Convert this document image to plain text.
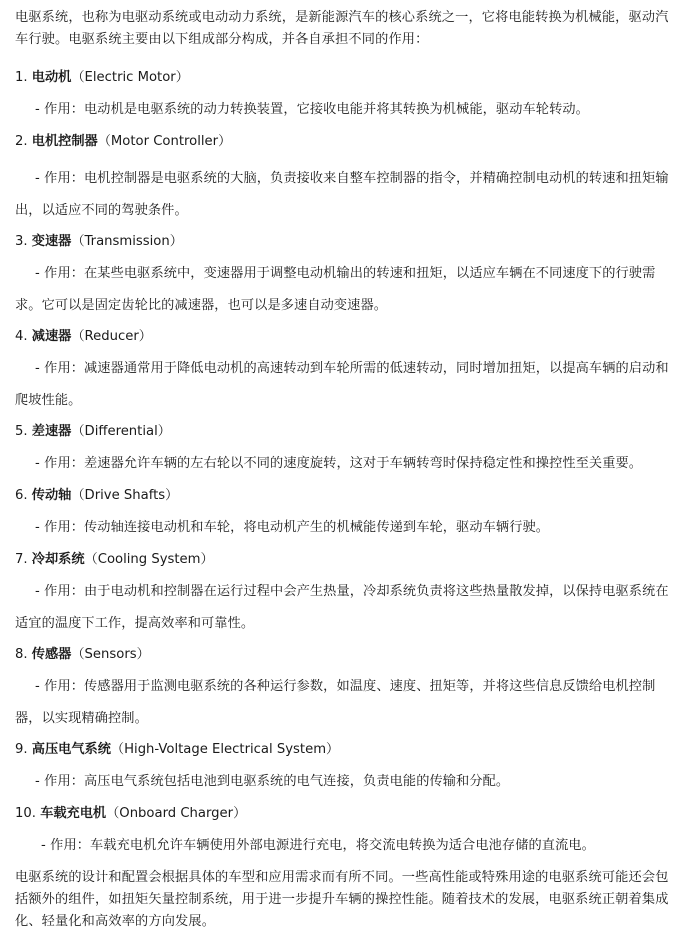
电驱系统，也称为电驱动系统或电动动力系统，是新能源汽车的核心系统之一，它将电能转换为机械能，驱动汽车行驶。电驱系统主要由以下组成部分构成，并各自承担不同的作用：

1. 电动机（Electric Motor）

- 作用：电动机是电驱系统的动力转换装置，它接收电能并将其转换为机械能，驱动车轮转动。

2. 电机控制器（Motor Controller）

- 作用：电机控制器是电驱系统的大脑，负责接收来自整车控制器的指令，并精确控制电动机的转速和扭矩输出，以适应不同的驾驶条件。

3. 变速器（Transmission）

- 作用：在某些电驱系统中，变速器用于调整电动机输出的转速和扭矩，以适应车辆在不同速度下的行驶需求。它可以是固定齿轮比的减速器，也可以是多速自动变速器。

4. 减速器（Reducer）

- 作用：减速器通常用于降低电动机的高速转动到车轮所需的低速转动，同时增加扭矩，以提高车辆的启动和爬坡性能。

5. 差速器（Differential）

- 作用：差速器允许车辆的左右轮以不同的速度旋转，这对于车辆转弯时保持稳定性和操控性至关重要。

6. 传动轴（Drive Shafts）

- 作用：传动轴连接电动机和车轮，将电动机产生的机械能传递到车轮，驱动车辆行驶。

7. 冷却系统（Cooling System）

- 作用：由于电动机和控制器在运行过程中会产生热量，冷却系统负责将这些热量散发掉，以保持电驱系统在适宜的温度下工作，提高效率和可靠性。

8. 传感器（Sensors）

- 作用：传感器用于监测电驱系统的各种运行参数，如温度、速度、扭矩等，并将这些信息反馈给电机控制器，以实现精确控制。

9. 高压电气系统（High-Voltage Electrical System）

- 作用：高压电气系统包括电池到电驱系统的电气连接，负责电能的传输和分配。

10. 车载充电机（Onboard Charger）

- 作用：车载充电机允许车辆使用外部电源进行充电，将交流电转换为适合电池存储的直流电。

电驱系统的设计和配置会根据具体的车型和应用需求而有所不同。一些高性能或特殊用途的电驱系统可能还会包括额外的组件，如扭矩矢量控制系统，用于进一步提升车辆的操控性能。随着技术的发展，电驱系统正朝着集成化、轻量化和高效率的方向发展。
